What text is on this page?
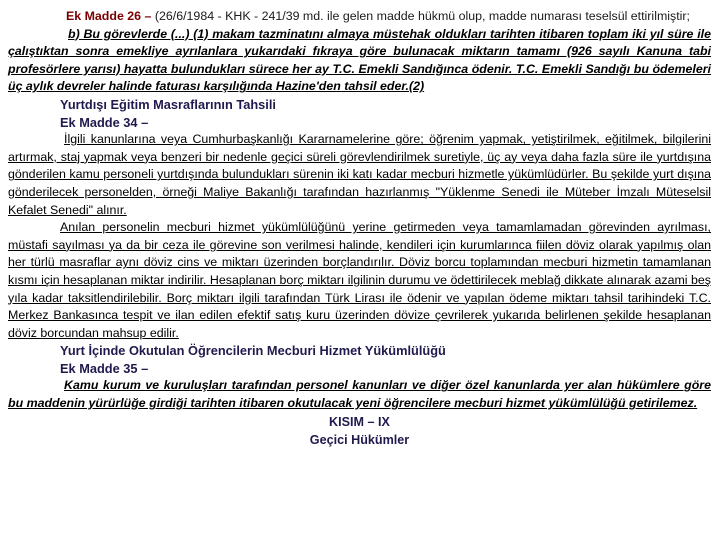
Ek Madde 26 – (26/6/1984 - KHK - 241/39 md. ile gelen madde hükmü olup, madde numarası teselsül ettirilmiştir;

b) Bu görevlerde (...) (1) makam tazminatını almaya müstehak oldukları tarihten itibaren toplam iki yıl süre ile çalıştıktan sonra emekliye ayrılanlara yukarıdaki fıkraya göre bulunacak miktarın tamamı (926 sayılı Kanuna tabi profesörlere yarısı) hayatta bulundukları sürece her ay T.C. Emekli Sandığınca ödenir. T.C. Emekli Sandığı bu ödemeleri üç aylık devreler halinde faturası karşılığında Hazine'den tahsil eder.(2)

Yurtdışı Eğitim Masraflarının Tahsili

Ek Madde 34 –

İlgili kanunlarına veya Cumhurbaşkanlığı Kararnamelerine göre; öğrenim yapmak, yetiştirilmek, eğitilmek, bilgilerini artırmak, staj yapmak veya benzeri bir nedenle geçici süreli görevlendirilmek suretiyle, üç ay veya daha fazla süre ile yurtdışına gönderilen kamu personeli yurtdışında bulundukları sürenin iki katı kadar mecburi hizmetle yükümlüdürler. Bu şekilde yurt dışına gönderilecek personelden, örneği Maliye Bakanlığı tarafından hazırlanmış "Yüklenme Senedi ile Müteber İmzalı Müteselsil Kefalet Senedi" alınır.

Anılan personelin mecburi hizmet yükümlülüğünü yerine getirmeden veya tamamlamadan görevinden ayrılması, müstafi sayılması ya da bir ceza ile görevine son verilmesi halinde, kendileri için kurumlarınca fiilen döviz olarak yapılmış olan her türlü masraflar aynı döviz cins ve miktarı üzerinden borçlandırılır. Döviz borcu toplamından mecburi hizmetin tamamlanan kısmı için hesaplanan miktar indirilir. Hesaplanan borç miktarı ilgilinin durumu ve ödettirilecek meblağ dikkate alınarak azami beş yıla kadar taksitlendirilebilir. Borç miktarı ilgili tarafından Türk Lirası ile ödenir ve yapılan ödeme miktarı tahsil tarihindeki T.C. Merkez Bankasınca tespit ve ilan edilen efektif satış kuru üzerinden dövize çevrilerek yukarıda belirlenen şekilde hesaplanan döviz borcundan mahsup edilir.

Yurt İçinde Okutulan Öğrencilerin Mecburi Hizmet Yükümlülüğü

Ek Madde 35 –

Kamu kurum ve kuruluşları tarafından personel kanunları ve diğer özel kanunlarda yer alan hükümlere göre bu maddenin yürürlüğe girdiği tarihten itibaren okutulacak yeni öğrencilere mecburi hizmet yükümlülüğü getirilemez.

KISIM – IX

Geçici Hükümler
